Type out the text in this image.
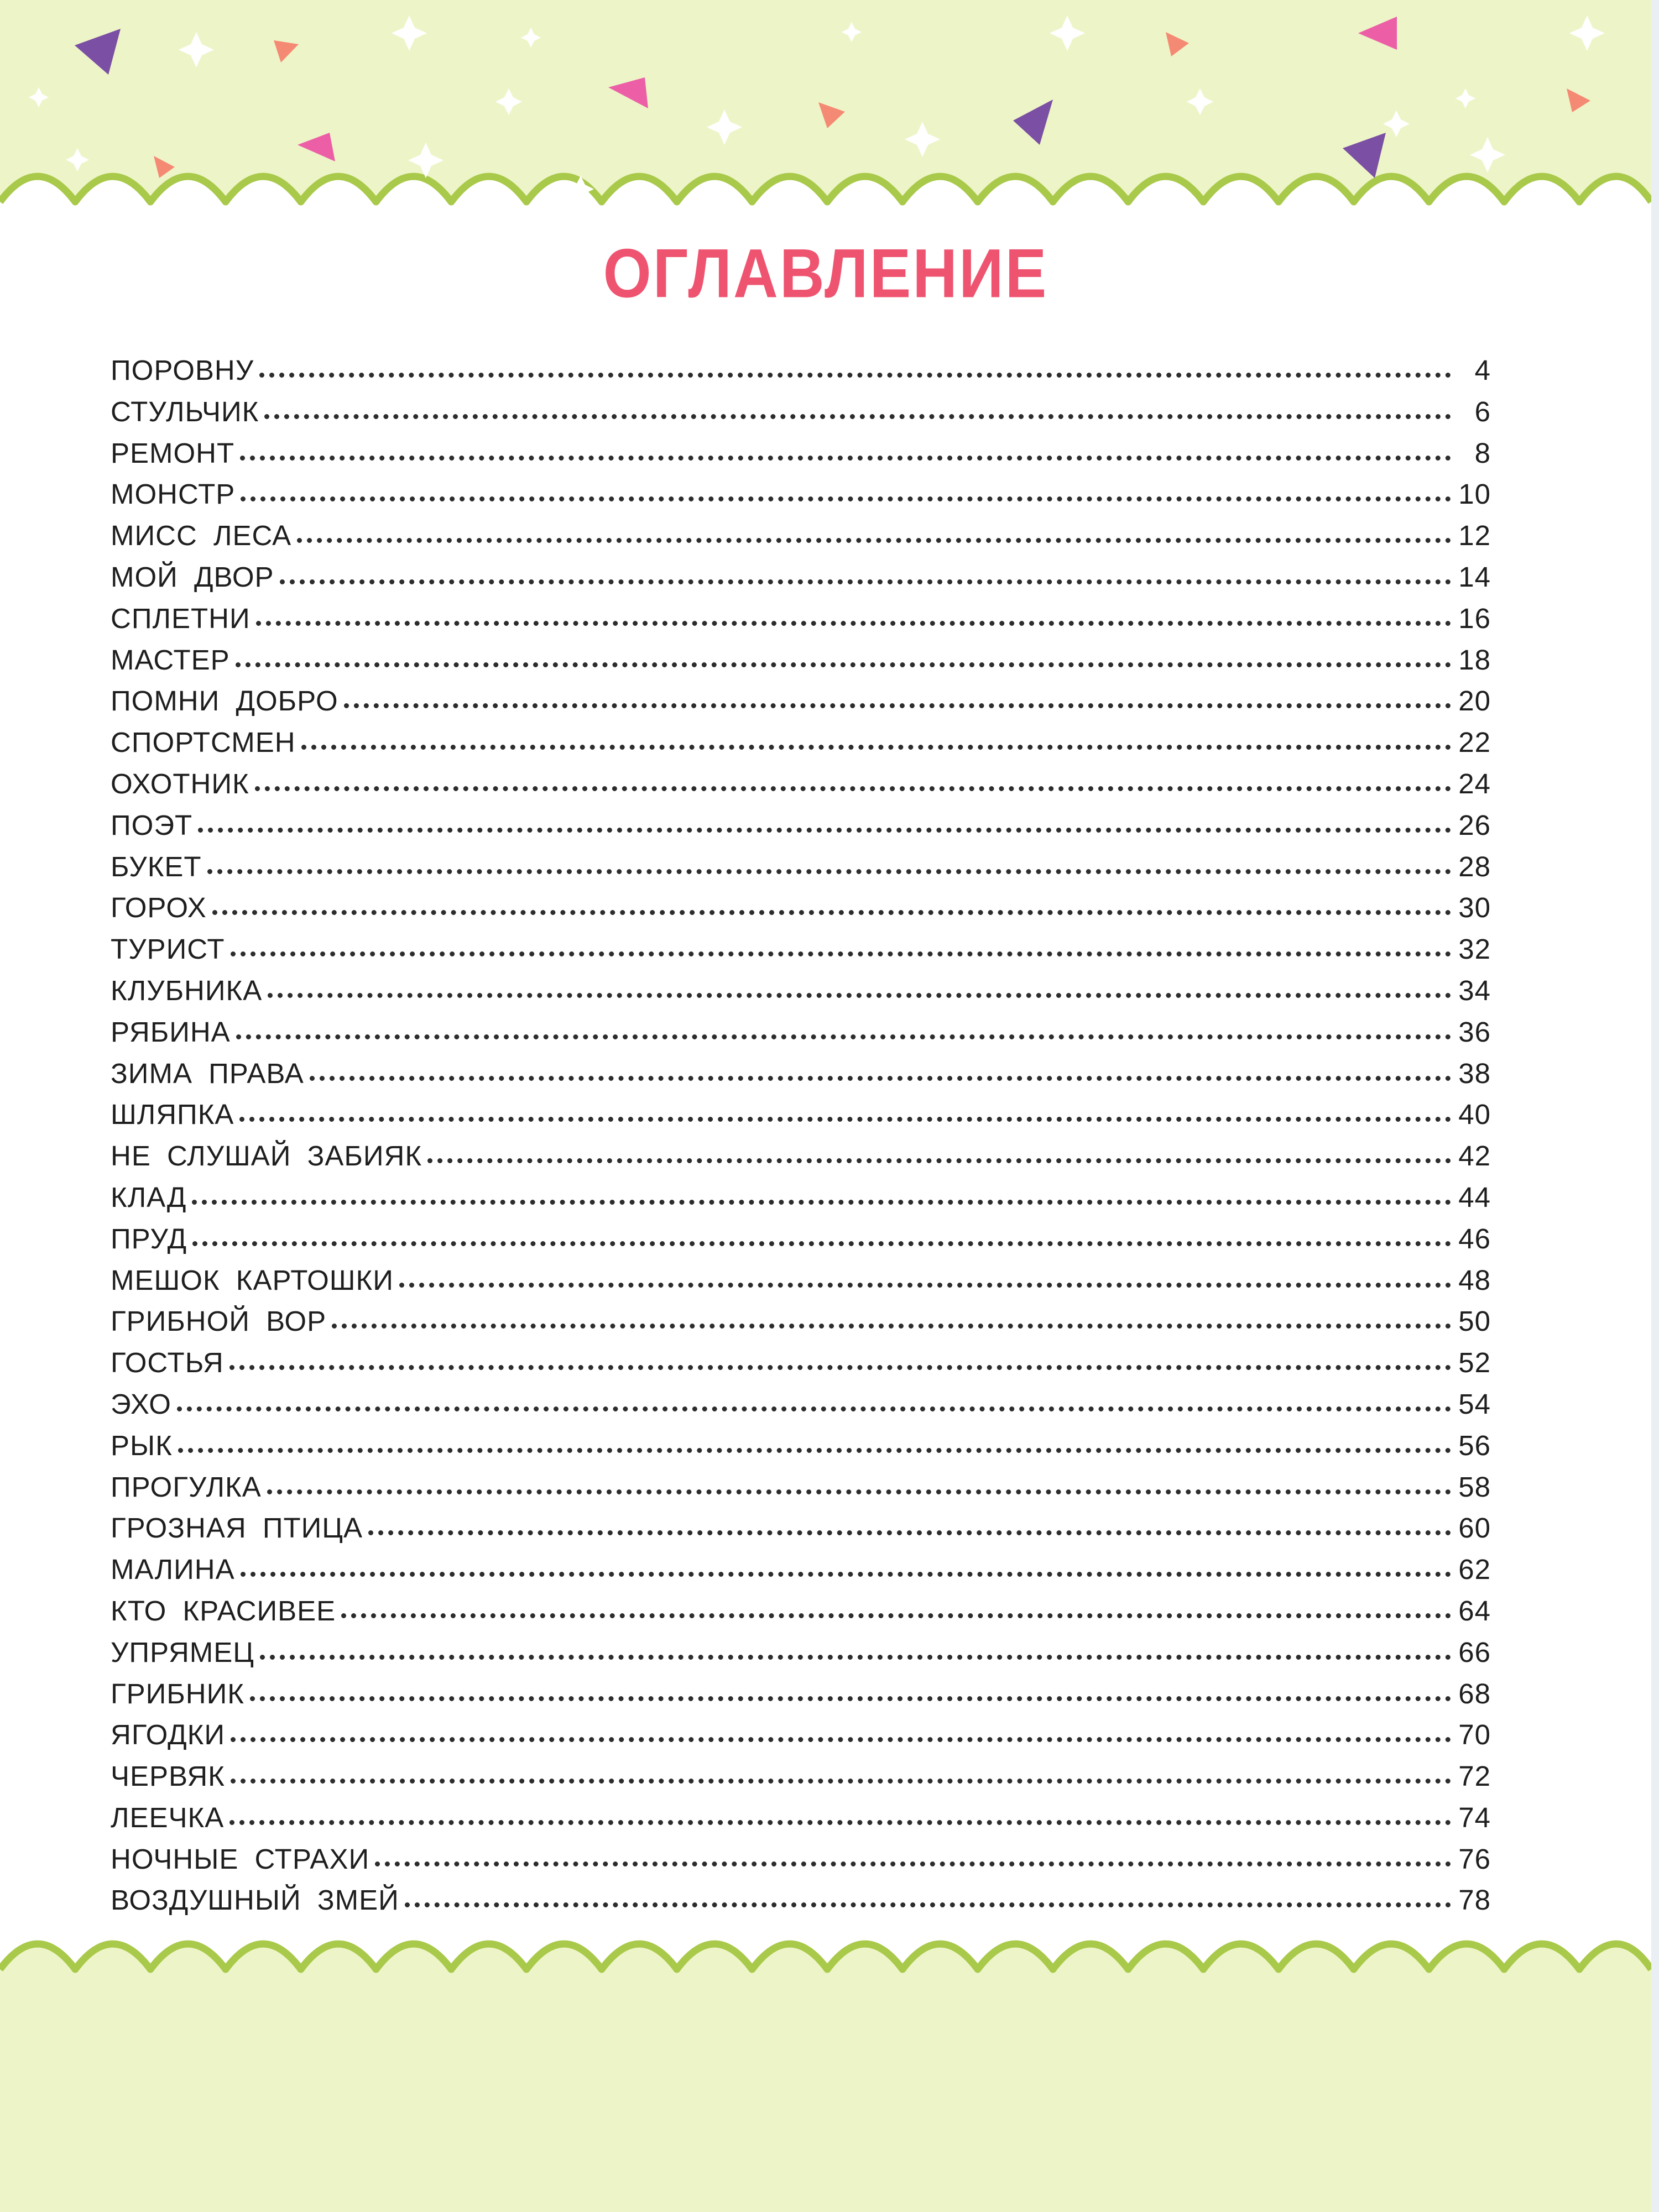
ОГЛАВЛЕНИЕ
ПОРОВНУ	4
СТУЛЬЧИК	6
РЕМОНТ	8
МОНСТР	10
МИСС ЛЕСА	12
МОЙ ДВОР	14
СПЛЕТНИ	16
МАСТЕР	18
ПОМНИ ДОБРО	20
СПОРТСМЕН	22
ОХОТНИК	24
ПОЭТ	26
БУКЕТ	28
ГОРОХ	30
ТУРИСТ	32
КЛУБНИКА	34
РЯБИНА	36
ЗИМА ПРАВА	38
ШЛЯПКА	40
НЕ СЛУШАЙ ЗАБИЯК	42
КЛАД	44
ПРУД	46
МЕШОК КАРТОШКИ	48
ГРИБНОЙ ВОР	50
ГОСТЬЯ	52
ЭХО	54
РЫК	56
ПРОГУЛКА	58
ГРОЗНАЯ ПТИЦА	60
МАЛИНА	62
КТО КРАСИВЕЕ	64
УПРЯМЕЦ	66
ГРИБНИК	68
ЯГОДКИ	70
ЧЕРВЯК	72
ЛЕЕЧКА	74
НОЧНЫЕ СТРАХИ	76
ВОЗДУШНЫЙ ЗМЕЙ	78
